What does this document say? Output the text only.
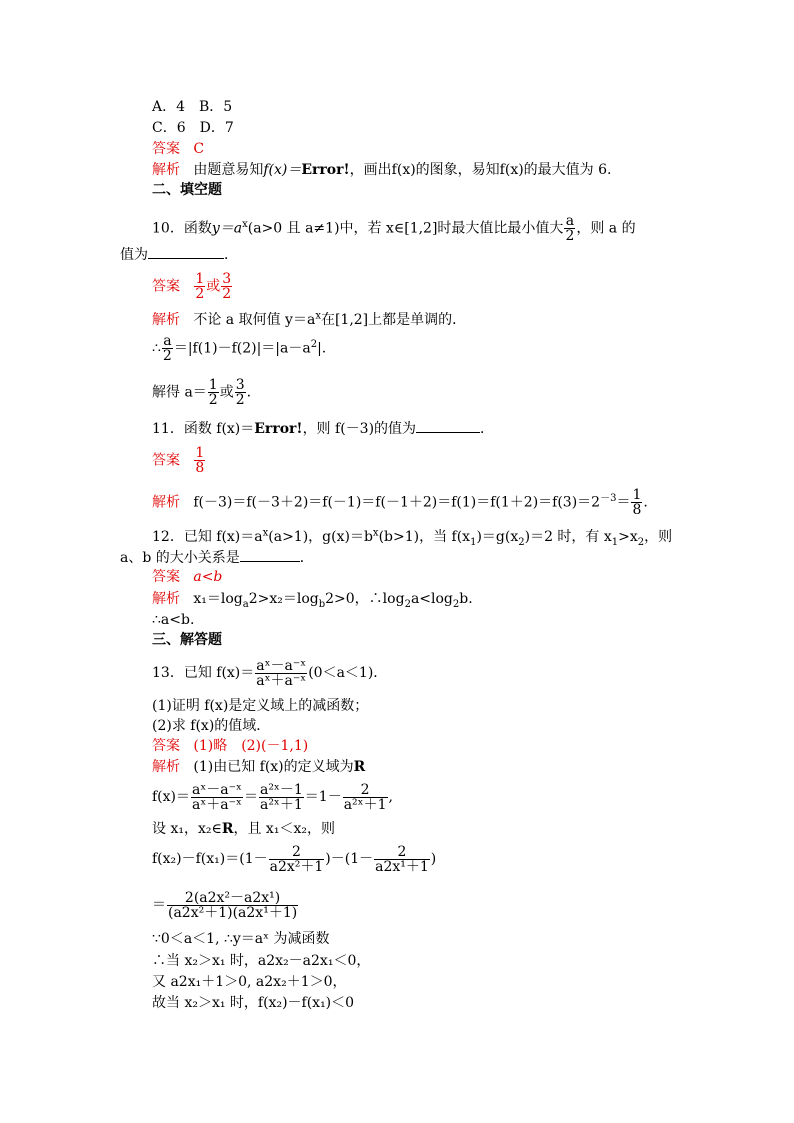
A．4　B．5
C．6　D．7
答案 C
解析 由题意易知f(x)＝Error!，画出f(x)的图象，易知f(x)的最大值为 6.
二、填空题
10．函数$y=a^x(a>0$ 且 a≠1)中，若 x∈[1,2]时最大值比最小值大 $\frac{a}{2}$ ，则 a 的
值为	．
答案 $\frac{1}{2}$ 或 $\frac{3}{2}$
解析 不论 a 取何值 $y=a^x$在[1,2]上都是单调的．
∴ $\frac{a}{2} =|f(1)-f(2)|=|a-a^2|$.
解得 $a= \frac{1}{2}$ 或 $\frac{3}{2}$ .
11．函数 f(x)＝Error!，则 f(－3)的值为	．
答案 $\frac{1}{8}$
解析 $f(-3)=f(-3+2)=f(-1)=f(-1+2)=f(1)=f(1+2)=f(3)=2^{-3}= \frac{1}{8}$ .
12．已知 $f(x)=a^x(a>1)$，$g(x)=b^x(b>1)$，当 $f(x_1)=g(x_2)=2$ 时，有 $x_1>x_2$，则
a、b 的大小关系是	．
答案 a<b
解析 $x_1=\log_a2>x_2=\log_b2>0$，$\therefore\log_2a<\log_2b$.
∴a<b.
三、解答题
13．已知 $f(x)= \frac{\text{aˣ－a⁻ˣ}}{\text{aˣ＋a⁻ˣ}} (0<a<1)$．
(1)证明 f(x)是定义域上的减函数；
(2)求 f(x)的值域．
答案 (1)略　(2)(－1,1)
解析 (1)由已知 f(x)的定义域为R
$f(x)= \frac{\text{aˣ－a⁻ˣ}}{\text{aˣ＋a⁻ˣ}} = \frac{\text{a²ˣ－1}}{\text{a²ˣ＋1}} =1- \frac{2}{\text{a²ˣ＋1}}$ ,
设 x₁，x₂∈R，且 x₁＜x₂，则
$f(x_2)-f(x_1)=(1- \frac{2}{\text{a2x²＋1}} )-(1- \frac{2}{\text{a2x¹＋1}}$ )
＝ $\frac{\text{2(a2x²－a2x¹)}}{\text{(a2x²＋1)(a2x¹＋1)}}$
∵0＜a＜1, ∴y＝aˣ 为减函数
∴当 x₂＞x₁ 时，a2x₂－a2x₁＜0，
又 a2x₁＋1＞0, a2x₂＋1＞0，
故当 x₂＞x₁ 时，f(x₂)－f(x₁)＜0
